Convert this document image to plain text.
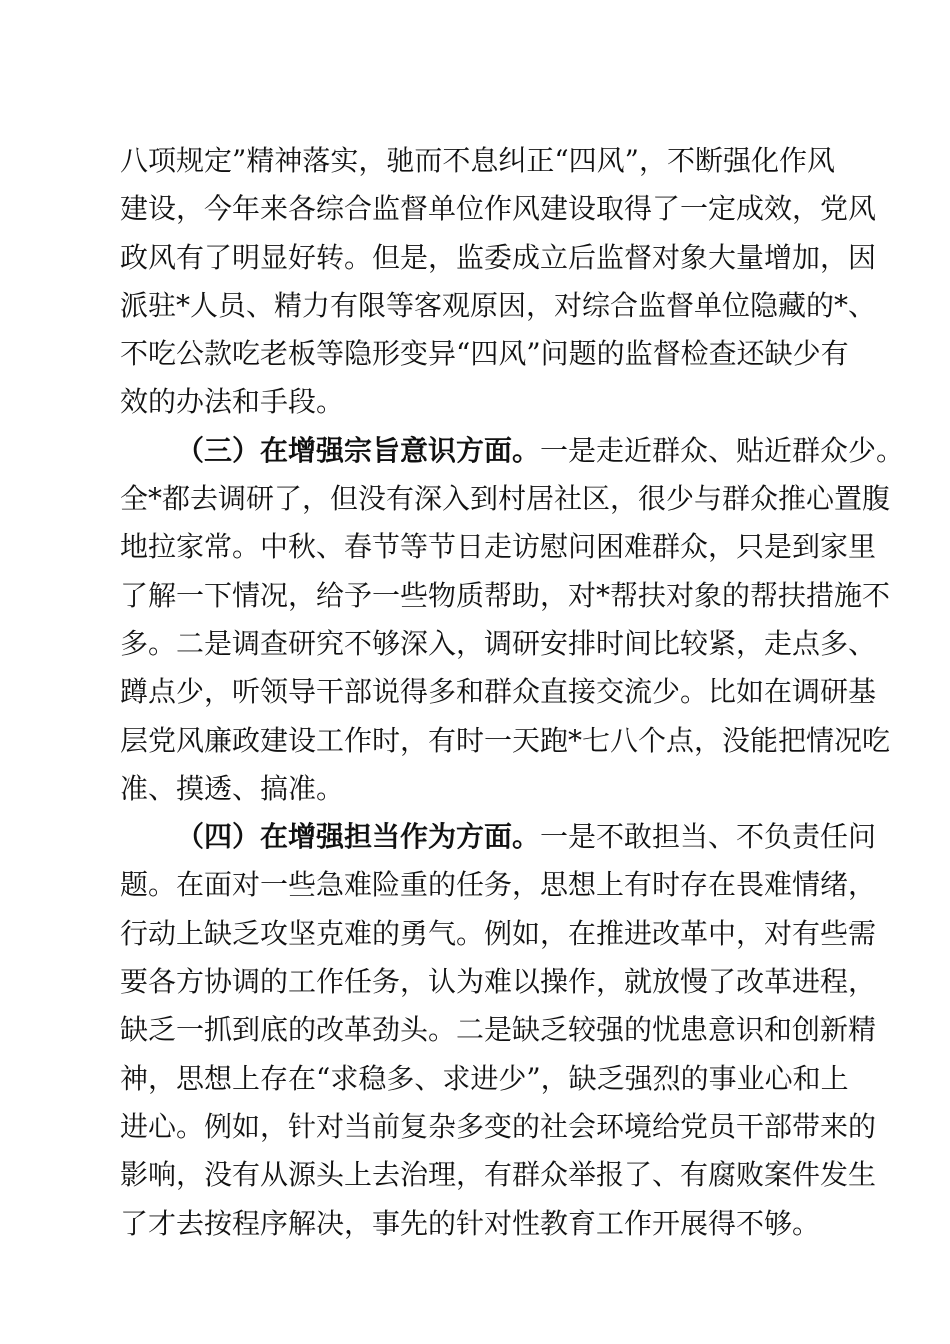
八项规定”精神落实，驰而不息纠正“四风”，不断强化作风
建设，今年来各综合监督单位作风建设取得了一定成效，党风
政风有了明显好转。但是，监委成立后监督对象大量增加，因
派驻*人员、精力有限等客观原因，对综合监督单位隐藏的*、
不吃公款吃老板等隐形变异“四风”问题的监督检查还缺少有
效的办法和手段。
（三）在增强宗旨意识方面。一是走近群众、贴近群众少。
全*都去调研了，但没有深入到村居社区，很少与群众推心置腹
地拉家常。中秋、春节等节日走访慰问困难群众，只是到家里
了解一下情况，给予一些物质帮助，对*帮扶对象的帮扶措施不
多。二是调查研究不够深入，调研安排时间比较紧，走点多、
蹲点少，听领导干部说得多和群众直接交流少。比如在调研基
层党风廉政建设工作时，有时一天跑*七八个点，没能把情况吃
准、摸透、搞准。
（四）在增强担当作为方面。一是不敢担当、不负责任问
题。在面对一些急难险重的任务，思想上有时存在畏难情绪，
行动上缺乏攻坚克难的勇气。例如，在推进改革中，对有些需
要各方协调的工作任务，认为难以操作，就放慢了改革进程，
缺乏一抓到底的改革劲头。二是缺乏较强的忧患意识和创新精
神，思想上存在“求稳多、求进少”，缺乏强烈的事业心和上
进心。例如，针对当前复杂多变的社会环境给党员干部带来的
影响，没有从源头上去治理，有群众举报了、有腐败案件发生
了才去按程序解决，事先的针对性教育工作开展得不够。
